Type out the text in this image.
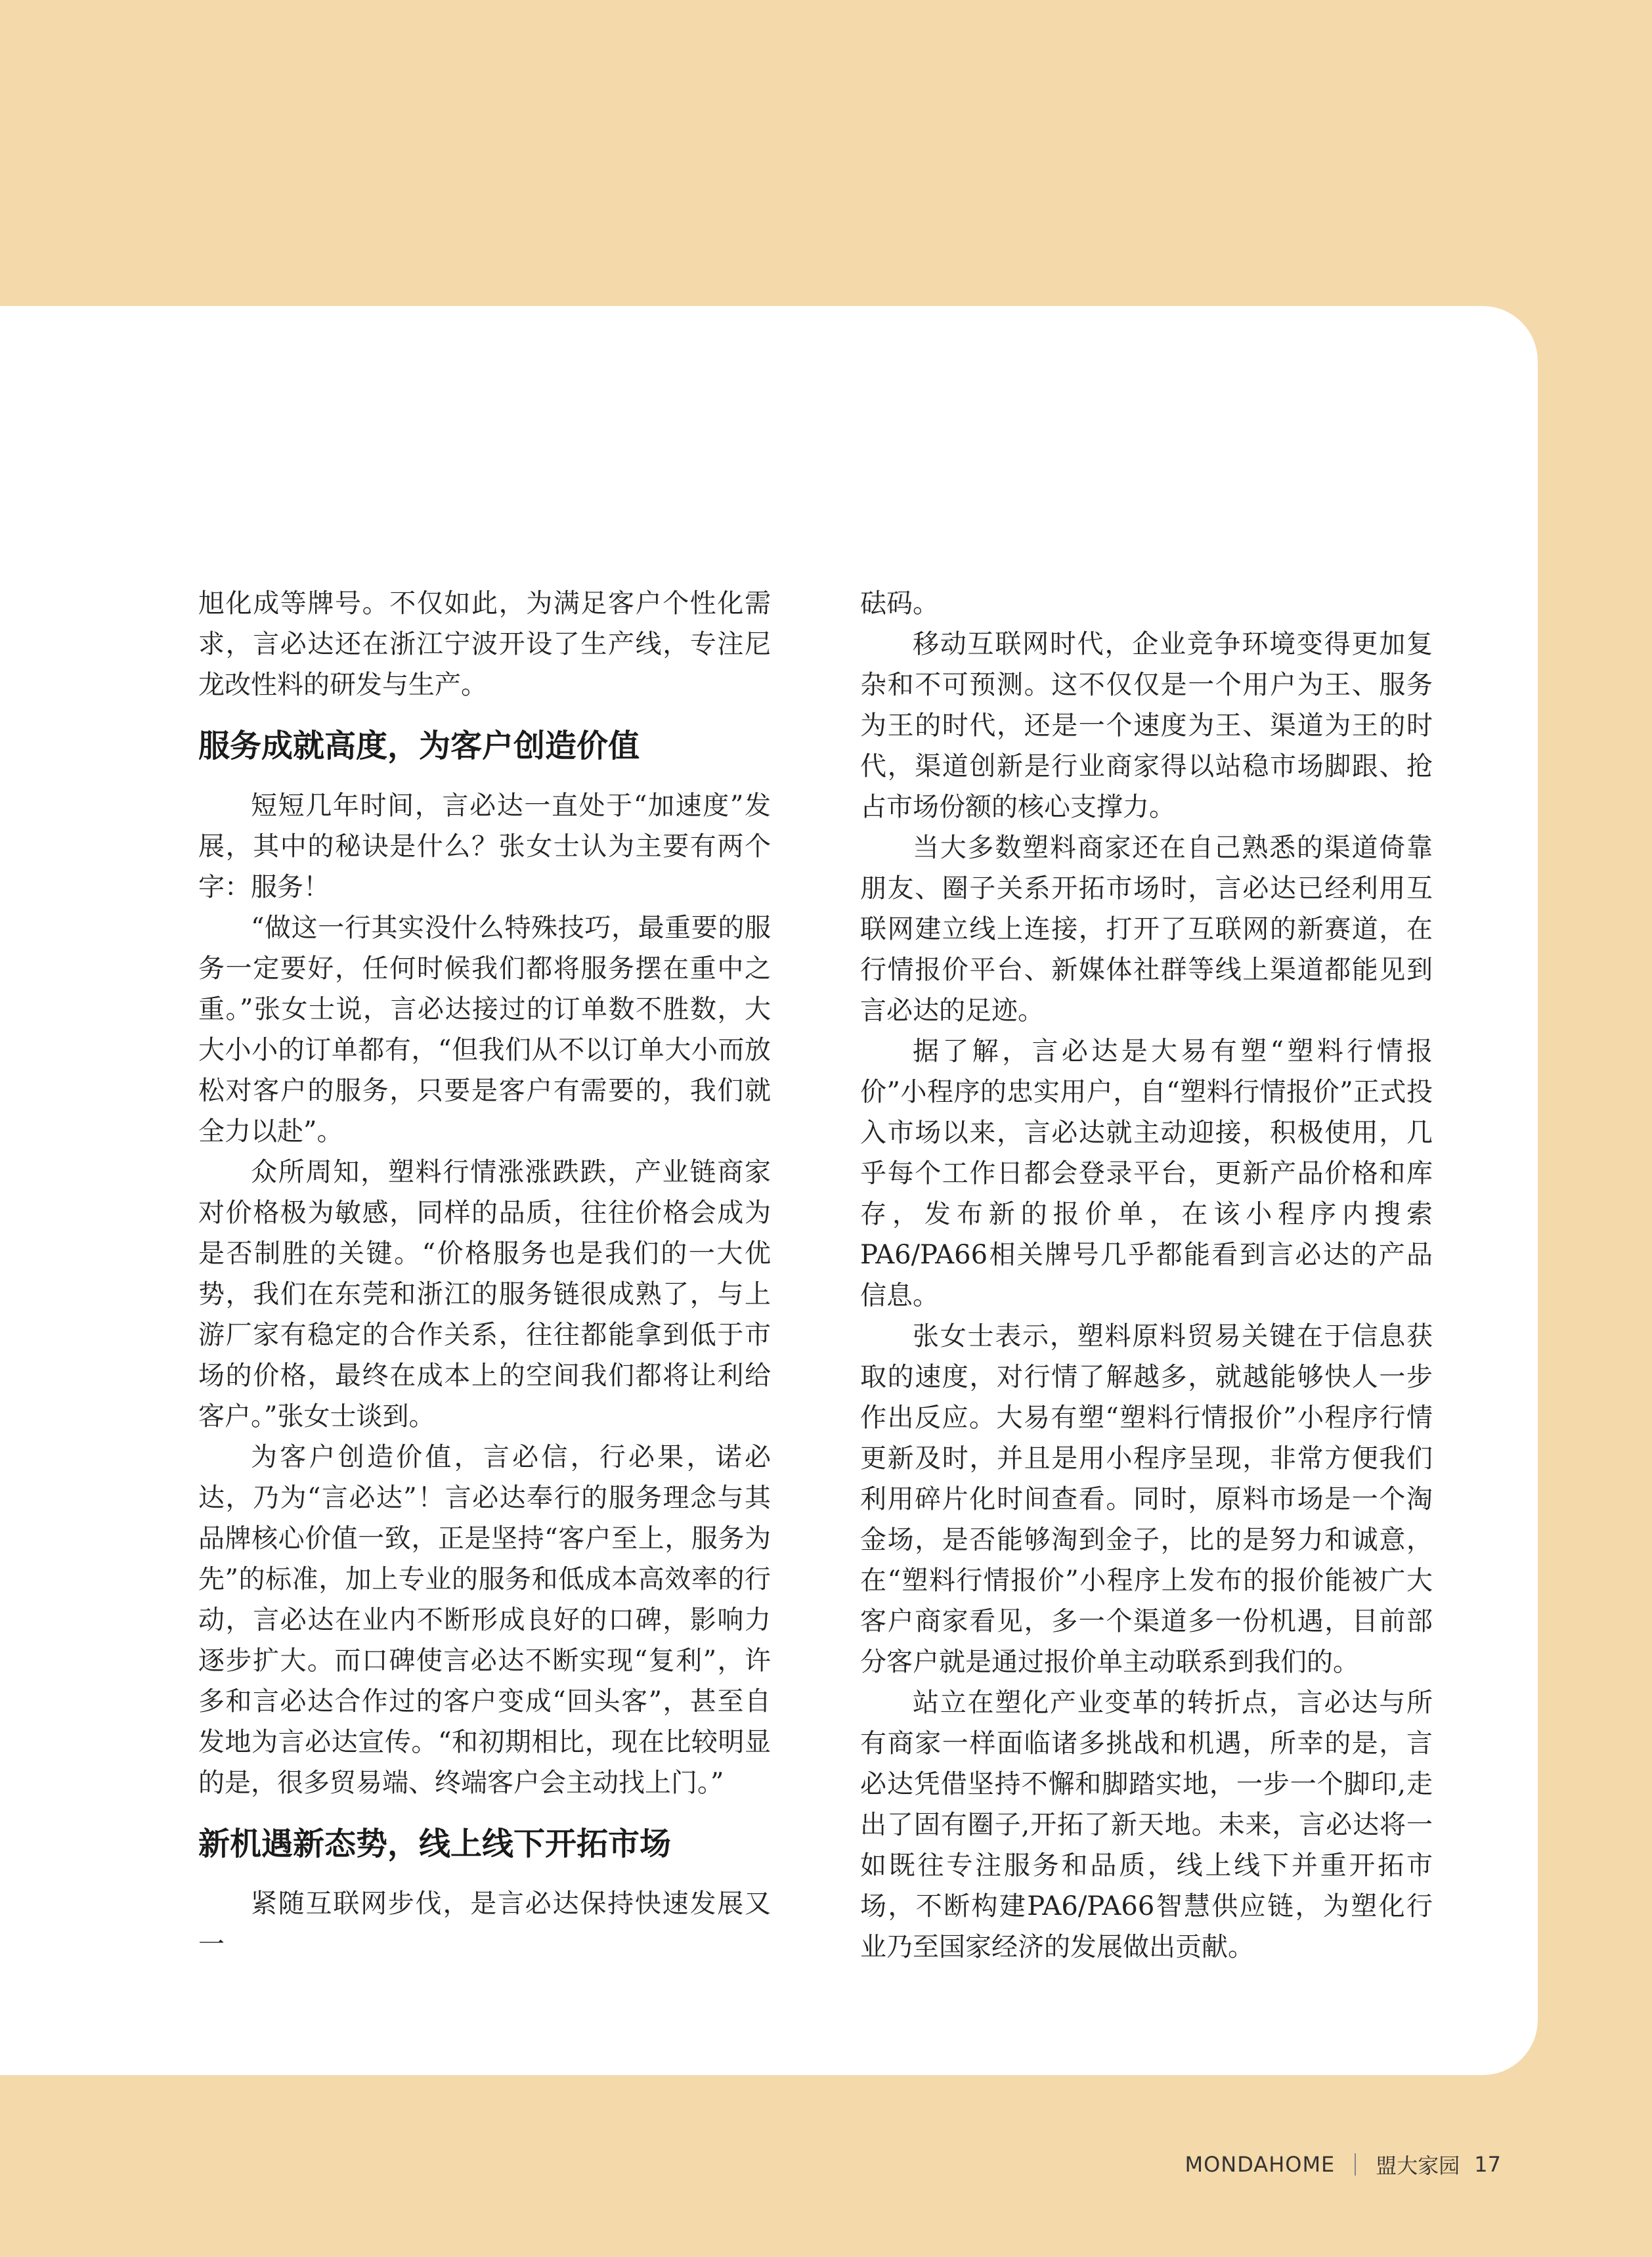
旭化成等牌号。不仅如此，为满足客户个性化需求，言必达还在浙江宁波开设了生产线，专注尼龙改性料的研发与生产。

服务成就高度，为客户创造价值

短短几年时间，言必达一直处于“加速度”发展，其中的秘诀是什么？张女士认为主要有两个字：服务！

“做这一行其实没什么特殊技巧，最重要的服务一定要好，任何时候我们都将服务摆在重中之重。”张女士说，言必达接过的订单数不胜数，大大小小的订单都有，“但我们从不以订单大小而放松对客户的服务，只要是客户有需要的，我们就全力以赴”。

众所周知，塑料行情涨涨跌跌，产业链商家对价格极为敏感，同样的品质，往往价格会成为是否制胜的关键。“价格服务也是我们的一大优势，我们在东莞和浙江的服务链很成熟了，与上游厂家有稳定的合作关系，往往都能拿到低于市场的价格，最终在成本上的空间我们都将让利给客户。”张女士谈到。

为客户创造价值，言必信，行必果，诺必达，乃为“言必达”！言必达奉行的服务理念与其品牌核心价值一致，正是坚持“客户至上，服务为先”的标准，加上专业的服务和低成本高效率的行动，言必达在业内不断形成良好的口碑，影响力逐步扩大。而口碑使言必达不断实现“复利”，许多和言必达合作过的客户变成“回头客”，甚至自发地为言必达宣传。“和初期相比，现在比较明显的是，很多贸易端、终端客户会主动找上门。”

新机遇新态势，线上线下开拓市场

紧随互联网步伐，是言必达保持快速发展又一

砝码。

移动互联网时代，企业竞争环境变得更加复杂和不可预测。这不仅仅是一个用户为王、服务为王的时代，还是一个速度为王、渠道为王的时代，渠道创新是行业商家得以站稳市场脚跟、抢占市场份额的核心支撑力。

当大多数塑料商家还在自己熟悉的渠道倚靠朋友、圈子关系开拓市场时，言必达已经利用互联网建立线上连接，打开了互联网的新赛道，在行情报价平台、新媒体社群等线上渠道都能见到言必达的足迹。

据了解，言必达是大易有塑“塑料行情报价”小程序的忠实用户，自“塑料行情报价”正式投入市场以来，言必达就主动迎接，积极使用，几乎每个工作日都会登录平台，更新产品价格和库存，发布新的报价单，在该小程序内搜索PA6/PA66相关牌号几乎都能看到言必达的产品信息。

张女士表示，塑料原料贸易关键在于信息获取的速度，对行情了解越多，就越能够快人一步作出反应。大易有塑“塑料行情报价”小程序行情更新及时，并且是用小程序呈现，非常方便我们利用碎片化时间查看。同时，原料市场是一个淘金场，是否能够淘到金子，比的是努力和诚意，在“塑料行情报价”小程序上发布的报价能被广大客户商家看见，多一个渠道多一份机遇，目前部分客户就是通过报价单主动联系到我们的。

站立在塑化产业变革的转折点，言必达与所有商家一样面临诸多挑战和机遇，所幸的是，言必达凭借坚持不懈和脚踏实地，一步一个脚印,走出了固有圈子,开拓了新天地。未来，言必达将一如既往专注服务和品质，线上线下并重开拓市场，不断构建PA6/PA66智慧供应链，为塑化行业乃至国家经济的发展做出贡献。

MONDAHOME 盟大家园 17
